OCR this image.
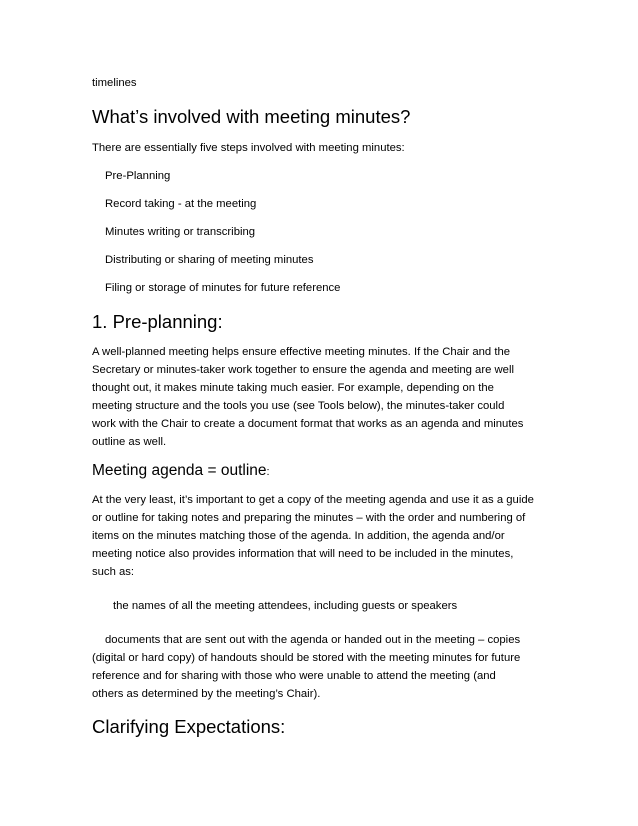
timelines

What’s involved with meeting minutes?

There are essentially five steps involved with meeting minutes:

Pre-Planning

Record taking - at the meeting

Minutes writing or transcribing

Distributing or sharing of meeting minutes

Filing or storage of minutes for future reference

1. Pre-planning:

A well-planned meeting helps ensure effective meeting minutes. If the Chair and the

Secretary or minutes-taker work together to ensure the agenda and meeting are well

thought out, it makes minute taking much easier. For example, depending on the

meeting structure and the tools you use (see Tools below), the minutes-taker could

work with the Chair to create a document format that works as an agenda and minutes

outline as well.

Meeting agenda = outline:

At the very least, it’s important to get a copy of the meeting agenda and use it as a guide

or outline for taking notes and preparing the minutes – with the order and numbering of

items on the minutes matching those of the agenda. In addition, the agenda and/or

meeting notice also provides information that will need to be included in the minutes,

such as:

the names of all the meeting attendees, including guests or speakers

documents that are sent out with the agenda or handed out in the meeting – copies

(digital or hard copy) of handouts should be stored with the meeting minutes for future

reference and for sharing with those who were unable to attend the meeting (and

others as determined by the meeting’s Chair).

Clarifying Expectations:
